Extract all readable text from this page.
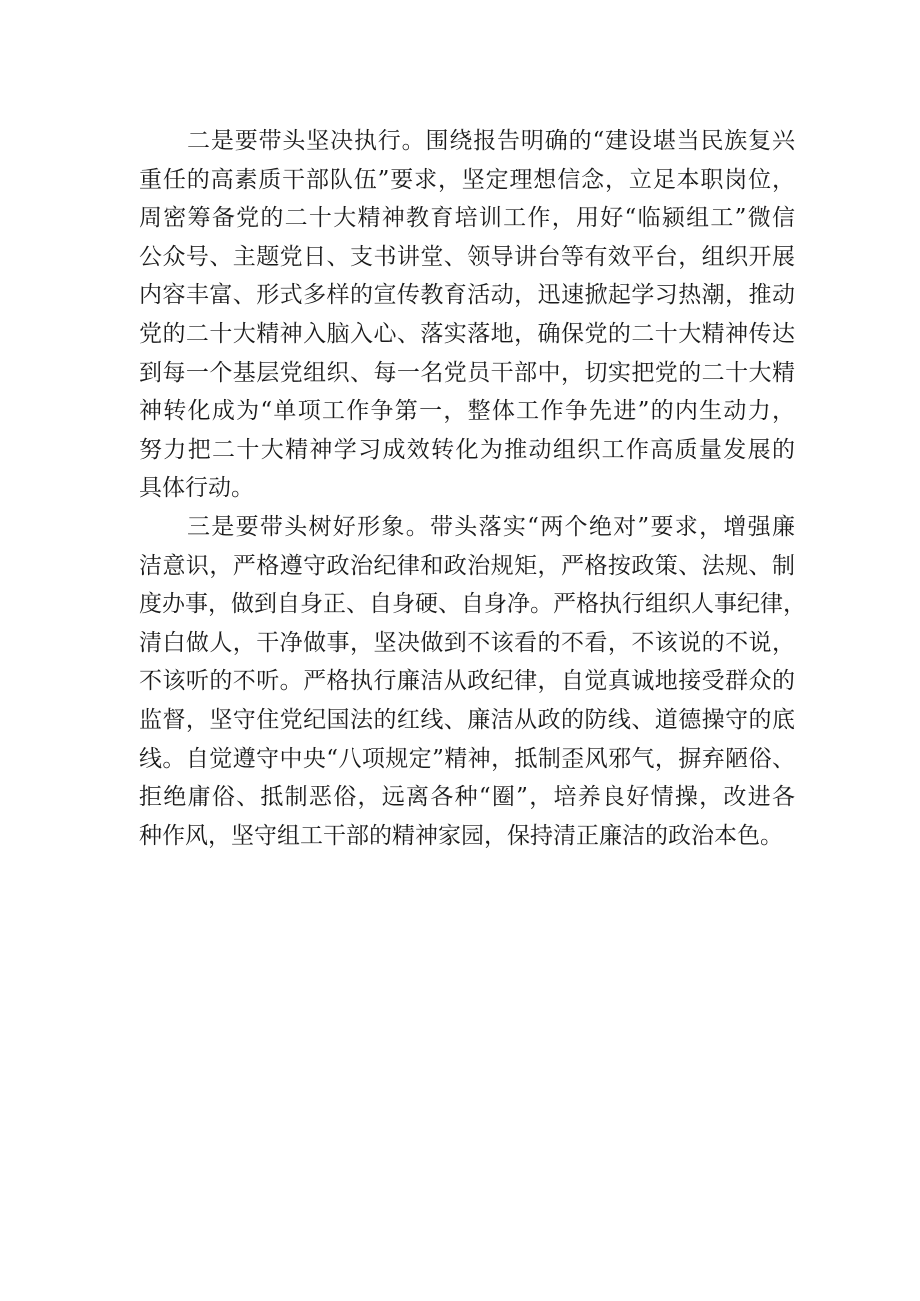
二是要带头坚决执行。围绕报告明确的“建设堪当民族复兴
重任的高素质干部队伍”要求，坚定理想信念，立足本职岗位，
周密筹备党的二十大精神教育培训工作，用好“临颍组工”微信
公众号、主题党日、支书讲堂、领导讲台等有效平台，组织开展
内容丰富、形式多样的宣传教育活动，迅速掀起学习热潮，推动
党的二十大精神入脑入心、落实落地，确保党的二十大精神传达
到每一个基层党组织、每一名党员干部中，切实把党的二十大精
神转化成为“单项工作争第一，整体工作争先进”的内生动力，
努力把二十大精神学习成效转化为推动组织工作高质量发展的
具体行动。
三是要带头树好形象。带头落实“两个绝对”要求，增强廉
洁意识，严格遵守政治纪律和政治规矩，严格按政策、法规、制
度办事，做到自身正、自身硬、自身净。严格执行组织人事纪律，
清白做人，干净做事，坚决做到不该看的不看，不该说的不说，
不该听的不听。严格执行廉洁从政纪律，自觉真诚地接受群众的
监督，坚守住党纪国法的红线、廉洁从政的防线、道德操守的底
线。自觉遵守中央“八项规定”精神，抵制歪风邪气，摒弃陋俗、
拒绝庸俗、抵制恶俗，远离各种“圈”，培养良好情操，改进各
种作风，坚守组工干部的精神家园，保持清正廉洁的政治本色。
